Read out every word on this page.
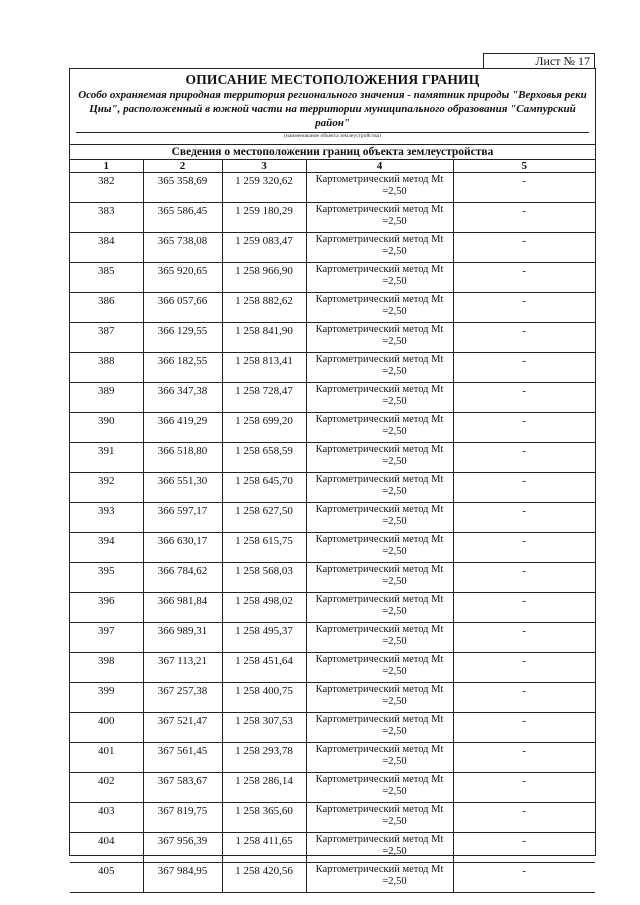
Лист № 17
ОПИСАНИЕ МЕСТОПОЛОЖЕНИЯ ГРАНИЦ
Особо охраняемая природная территория регионального значения - памятник природы "Верховья реки Цны", расположенный в южной части на территории муниципального образования "Сампурский район"
(наименование объекта землеустройства)
Сведения о местоположении границ объекта землеустройства
1	2	3	4	5
382	365 358,69	1 259 320,62	Картометрический метод Mt
=2,50	-
383	365 586,45	1 259 180,29	Картометрический метод Mt
=2,50	-
384	365 738,08	1 259 083,47	Картометрический метод Mt
=2,50	-
385	365 920,65	1 258 966,90	Картометрический метод Mt
=2,50	-
386	366 057,66	1 258 882,62	Картометрический метод Mt
=2,50	-
387	366 129,55	1 258 841,90	Картометрический метод Mt
=2,50	-
388	366 182,55	1 258 813,41	Картометрический метод Mt
=2,50	-
389	366 347,38	1 258 728,47	Картометрический метод Mt
=2,50	-
390	366 419,29	1 258 699,20	Картометрический метод Mt
=2,50	-
391	366 518,80	1 258 658,59	Картометрический метод Mt
=2,50	-
392	366 551,30	1 258 645,70	Картометрический метод Mt
=2,50	-
393	366 597,17	1 258 627,50	Картометрический метод Mt
=2,50	-
394	366 630,17	1 258 615,75	Картометрический метод Mt
=2,50	-
395	366 784,62	1 258 568,03	Картометрический метод Mt
=2,50	-
396	366 981,84	1 258 498,02	Картометрический метод Mt
=2,50	-
397	366 989,31	1 258 495,37	Картометрический метод Mt
=2,50	-
398	367 113,21	1 258 451,64	Картометрический метод Mt
=2,50	-
399	367 257,38	1 258 400,75	Картометрический метод Mt
=2,50	-
400	367 521,47	1 258 307,53	Картометрический метод Mt
=2,50	-
401	367 561,45	1 258 293,78	Картометрический метод Mt
=2,50	-
402	367 583,67	1 258 286,14	Картометрический метод Mt
=2,50	-
403	367 819,75	1 258 365,60	Картометрический метод Mt
=2,50	-
404	367 956,39	1 258 411,65	Картометрический метод Mt
=2,50	-
405	367 984,95	1 258 420,56	Картометрический метод Mt
=2,50	-
